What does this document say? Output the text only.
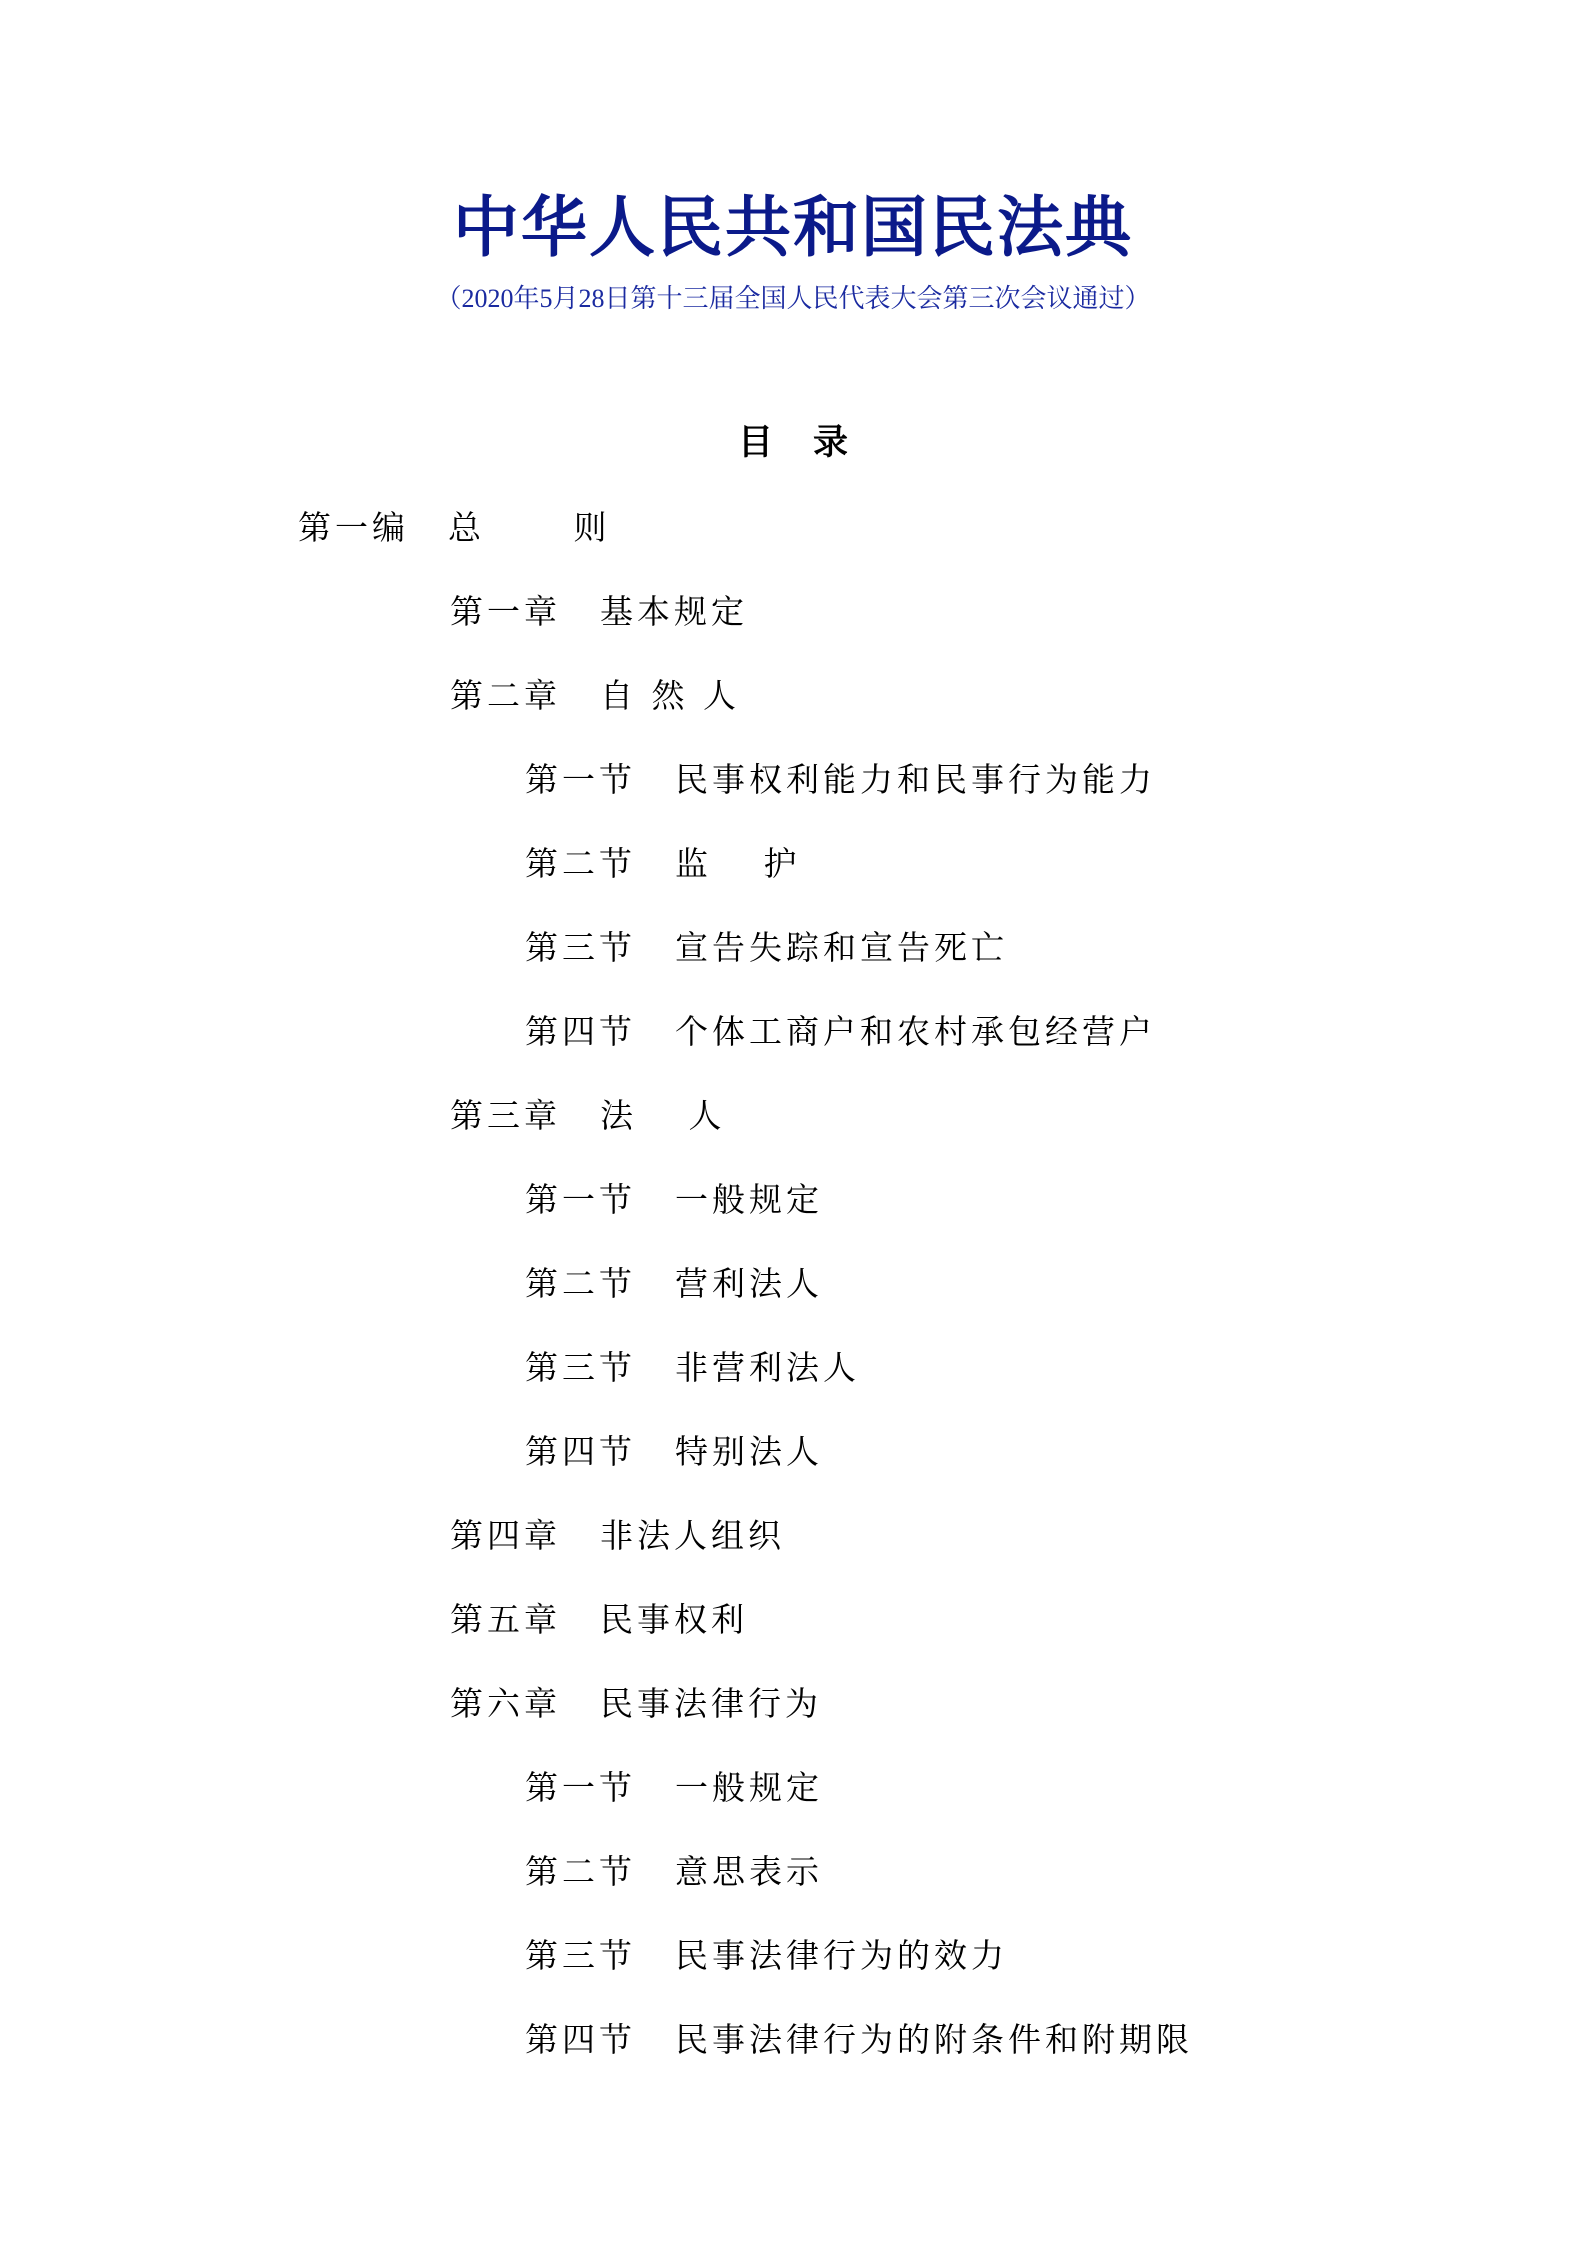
中华人民共和国民法典
（2020年5月28日第十三届全国人民代表大会第三次会议通过）
目 录
第一编 总　　 则
第一章 基本规定
第二章 自 然 人
第一节 民事权利能力和民事行为能力
第二节 监　 护
第三节 宣告失踪和宣告死亡
第四节 个体工商户和农村承包经营户
第三章 法　 人
第一节 一般规定
第二节 营利法人
第三节 非营利法人
第四节 特别法人
第四章 非法人组织
第五章 民事权利
第六章 民事法律行为
第一节 一般规定
第二节 意思表示
第三节 民事法律行为的效力
第四节 民事法律行为的附条件和附期限
